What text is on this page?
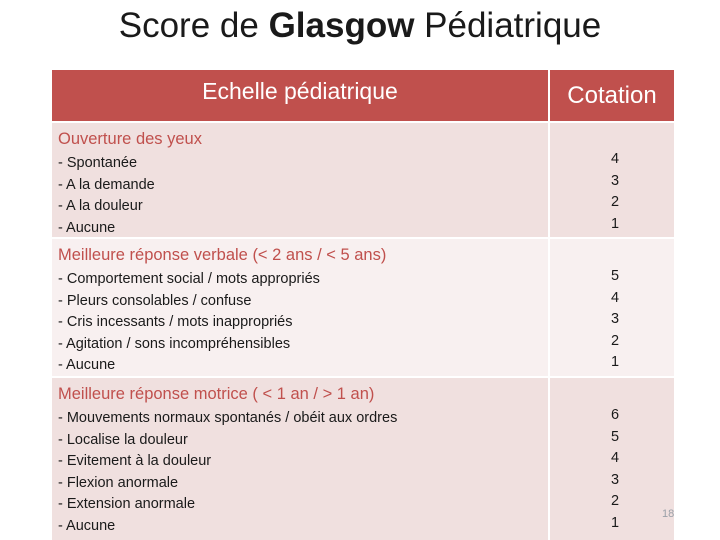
Score de Glasgow Pédiatrique
Echelle pédiatrique	Cotation
Ouverture des yeux
- Spontanée
- A la demande
- A la douleur
- Aucune
4
3
2
1
Meilleure réponse verbale (< 2 ans / < 5 ans)
- Comportement social / mots appropriés
- Pleurs consolables / confuse
- Cris incessants / mots inappropriés
- Agitation / sons incompréhensibles
- Aucune
5
4
3
2
1
Meilleure réponse motrice ( < 1 an / > 1 an)
- Mouvements normaux spontanés / obéit aux ordres
- Localise la douleur
- Evitement à la douleur
- Flexion anormale
- Extension anormale
- Aucune
6
5
4
3
2
1
18
